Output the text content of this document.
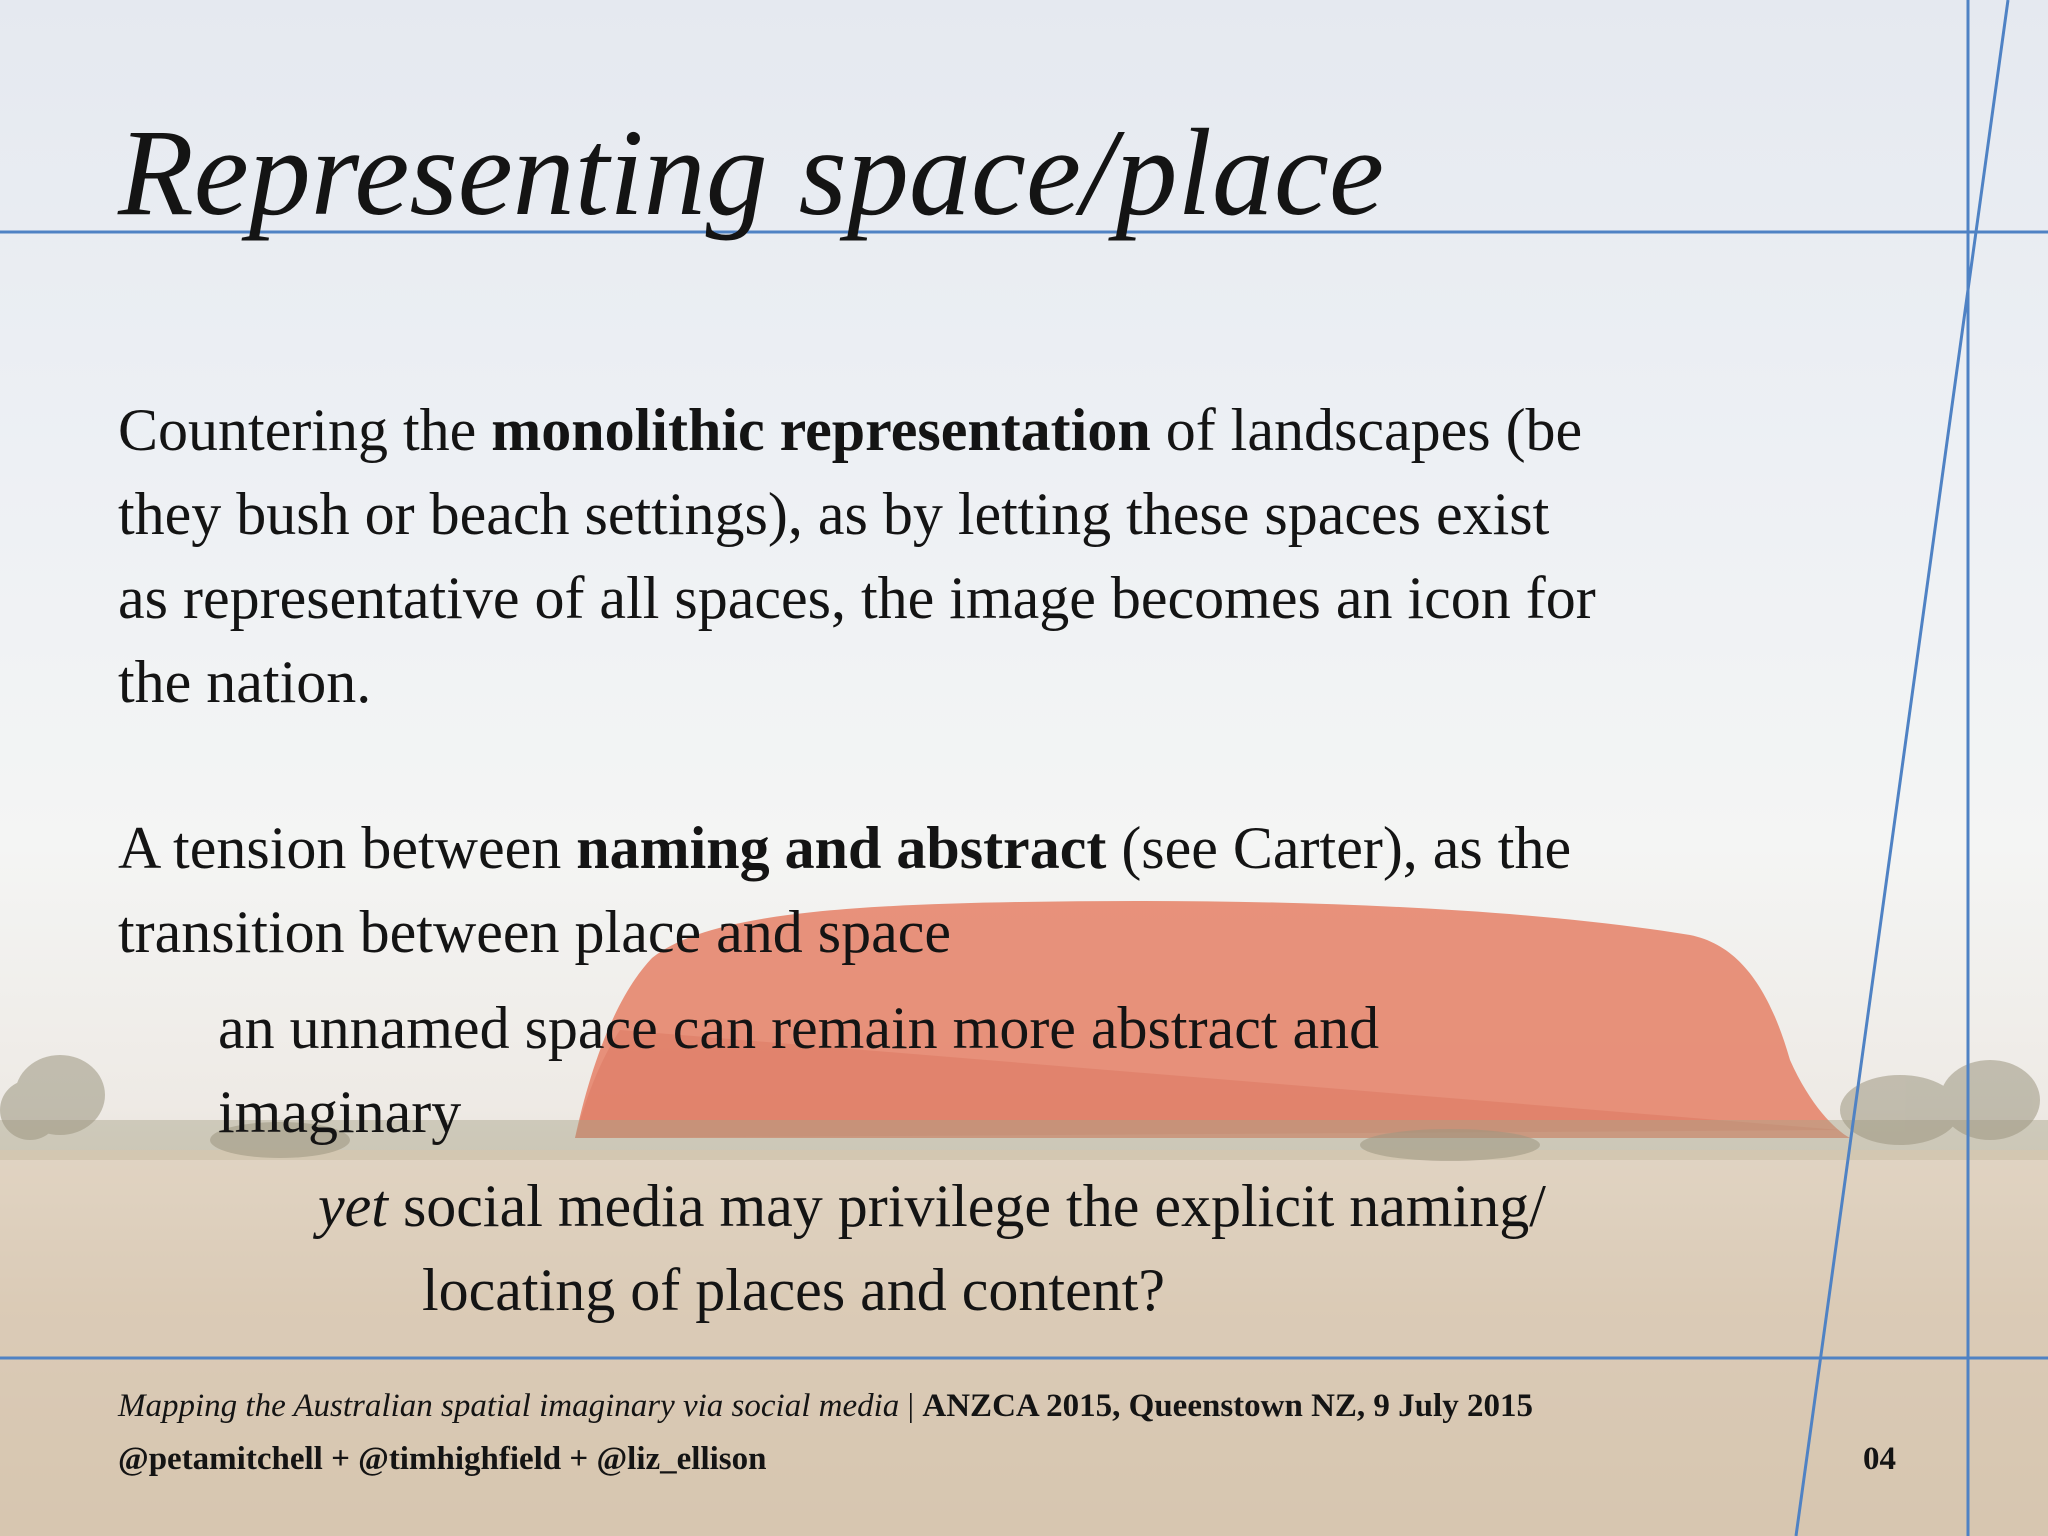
Representing space/place

Countering the monolithic representation of landscapes (be
they bush or beach settings), as by letting these spaces exist
as representative of all spaces, the image becomes an icon for
the nation.

A tension between naming and abstract (see Carter), as the
transition between place and space

an unnamed space can remain more abstract and
imaginary

yet social media may privilege the explicit naming/
locating of places and content?

Mapping the Australian spatial imaginary via social media | ANZCA 2015, Queenstown NZ, 9 July 2015
@petamitchell + @timhighfield + @liz_ellison	04
